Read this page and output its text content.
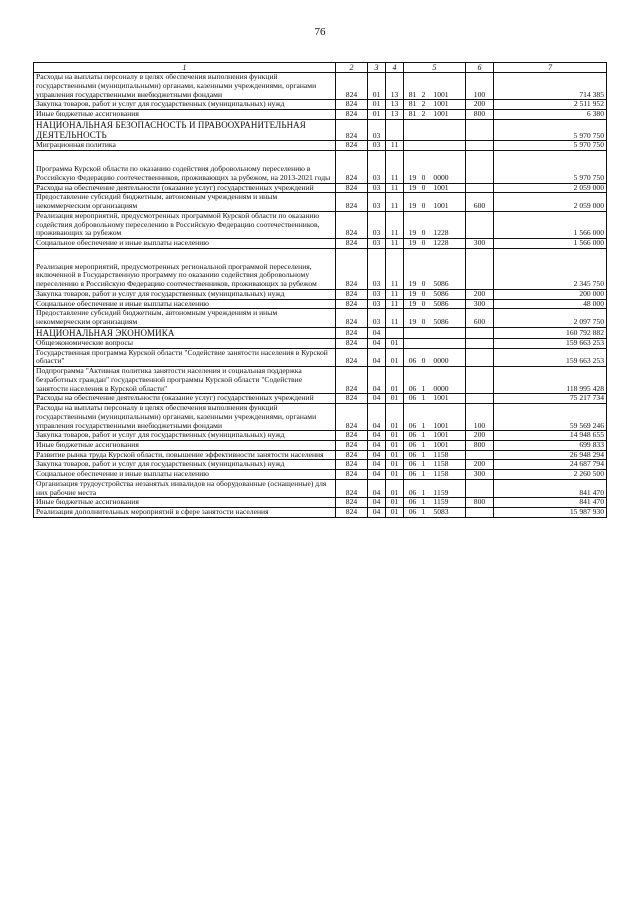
76
1	2	3	4	5	6	7
Расходы на выплаты персоналу в целях обеспечения выполнения функций государственными (муниципальными) органами, казенными учреждениями, органами управления государственными внебюджетными фондами	824	01	13	81 2 1001	100	714 385
Закупка товаров, работ и услуг для государственных (муниципальных) нужд	824	01	13	81 2 1001	200	2 511 952
Иные бюджетные ассигнования	824	01	13	81 2 1001	800	6 380
НАЦИОНАЛЬНАЯ БЕЗОПАСНОСТЬ И ПРАВООХРАНИТЕЛЬНАЯ ДЕЯТЕЛЬНОСТЬ	824	03				5 970 750
Миграционная политика	824	03	11			5 970 750
Программа Курской области по оказанию содействия добровольному переселению в Российскую Федерацию соотечественников, проживающих за рубежом, на 2013-2021 годы	824	03	11	19 0 0000		5 970 750
Расходы на обеспечение деятельности (оказание услуг) государственных учреждений	824	03	11	19 0 1001		2 059 000
Предоставление субсидий бюджетным, автономным учреждениям и иным некоммерческим организациям	824	03	11	19 0 1001	600	2 059 000
Реализация мероприятий, предусмотренных программой Курской области по оказанию содействия добровольному переселению в Российскую Федерацию соотечественников, проживающих за рубежом	824	03	11	19 0 1228		1 566 000
Социальное обеспечение и иные выплаты населению	824	03	11	19 0 1228	300	1 566 000
Реализация мероприятий, предусмотренных региональной программой переселения, включенной в Государственную программу по оказанию содействия добровольному переселению в Российскую Федерацию соотечественников, проживающих за рубежом	824	03	11	19 0 5086		2 345 750
Закупка товаров, работ и услуг для государственных (муниципальных) нужд	824	03	11	19 0 5086	200	200 000
Социальное обеспечение и иные выплаты населению	824	03	11	19 0 5086	300	48 000
Предоставление субсидий бюджетным, автономным учреждениям и иным некоммерческим организациям	824	03	11	19 0 5086	600	2 097 750
НАЦИОНАЛЬНАЯ ЭКОНОМИКА	824	04				160 792 882
Общеэкономические вопросы	824	04	01			159 663 253
Государственная программа Курской области "Содействие занятости населения в Курской области"	824	04	01	06 0 0000		159 663 253
Подпрограмма "Активная политика занятости населения и социальная поддержка безработных граждан" государственной программы Курской области "Содействие занятости населения в Курской области"	824	04	01	06 1 0000		118 995 428
Расходы на обеспечение деятельности (оказание услуг) государственных учреждений	824	04	01	06 1 1001		75 217 734
Расходы на выплаты персоналу в целях обеспечения выполнения функций государственными (муниципальными) органами, казенными учреждениями, органами управления государственными внебюджетными фондами	824	04	01	06 1 1001	100	59 569 246
Закупка товаров, работ и услуг для государственных (муниципальных) нужд	824	04	01	06 1 1001	200	14 948 655
Иные бюджетные ассигнования	824	04	01	06 1 1001	800	699 833
Развитие рынка труда Курской области, повышение эффективности занятости населения	824	04	01	06 1 1158		26 948 294
Закупка товаров, работ и услуг для государственных (муниципальных) нужд	824	04	01	06 1 1158	200	24 687 794
Социальное обеспечение и иные выплаты населению	824	04	01	06 1 1158	300	2 260 500
Организация трудоустройства незанятых инвалидов на оборудованные (оснащенные) для них рабочие места	824	04	01	06 1 1159		841 470
Иные бюджетные ассигнования	824	04	01	06 1 1159	800	841 470
Реализация дополнительных мероприятий в сфере занятости населения	824	04	01	06 1 5083		15 987 930
